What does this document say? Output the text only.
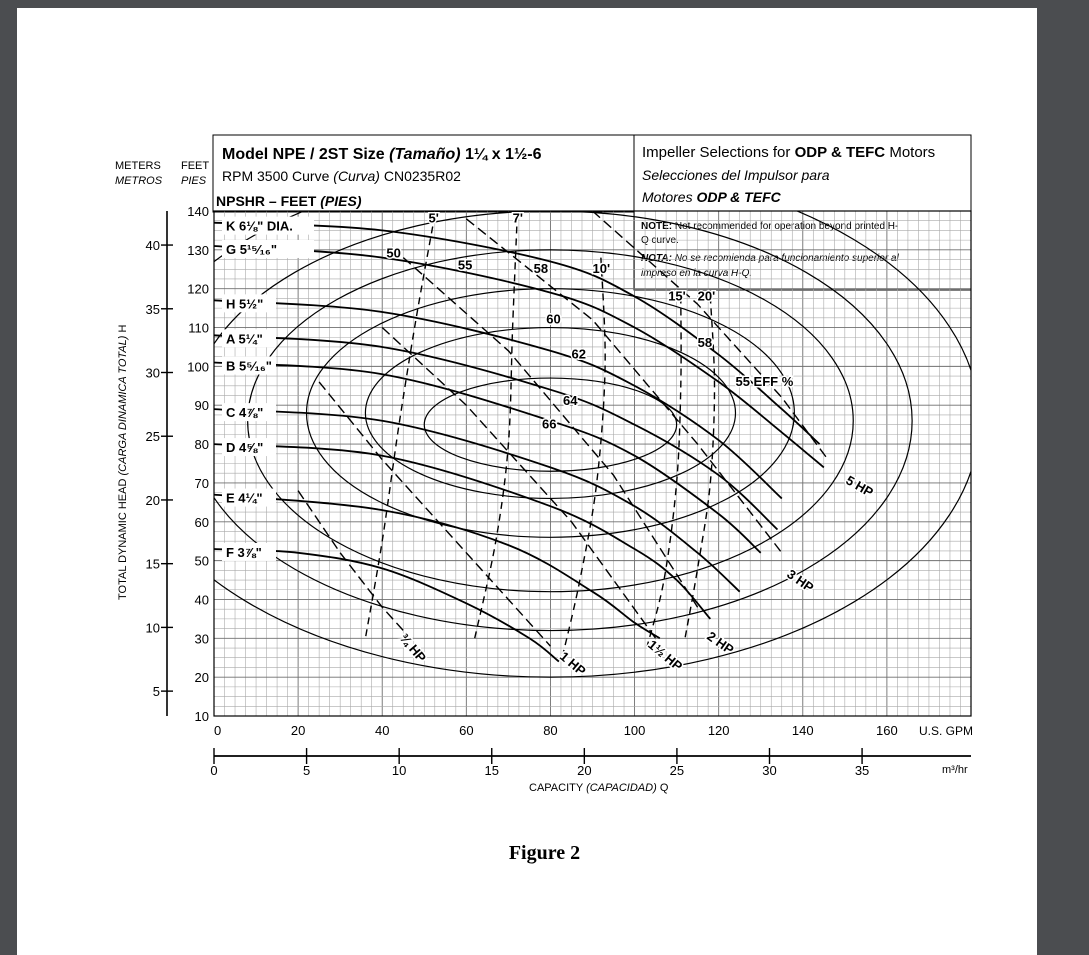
Model NPE / 2ST Size (Tamaño) 1¼ x 1½-6
RPM 3500 Curve (Curva) CN0235R02
NPSHR – FEET (PIES)
Impeller Selections for ODP & TEFC Motors
Selecciones del Impulsor para
Motores ODP & TEFC
NOTE: Not recommended for operation beyond printed H-
Q curve.
NOTA: No se recomienda para funcionamiento superior al
impreso en la curva H-Q.
METERS
METROS
FEET
PIES
TOTAL DYNAMIC HEAD (CARGA DINAMICA TOTAL) H
10
20
30
40
50
60
70
80
90
100
110
120
130
140
0	20	40	60	80	100	120	140	160
5
10
15
20
25
30
35
40
0	5	10	15	20	25	30	35
K 6⅛" DIA.
G 5¹⁵⁄₁₆"
H 5½"
A 5¼"
B 5⁵⁄₁₆"
C 4⅞"
D 4⅝"
E 4¼"
F 3⅞"
50
55	58
60
62
64
66
58
55 EFF %
5'	7'
10'
15' 20'
¾ HP	1 HP	1½ HP 2 HP
3 HP
5 HP
U.S. GPM
m³/hr
CAPACITY (CAPACIDAD) Q
Figure 2
